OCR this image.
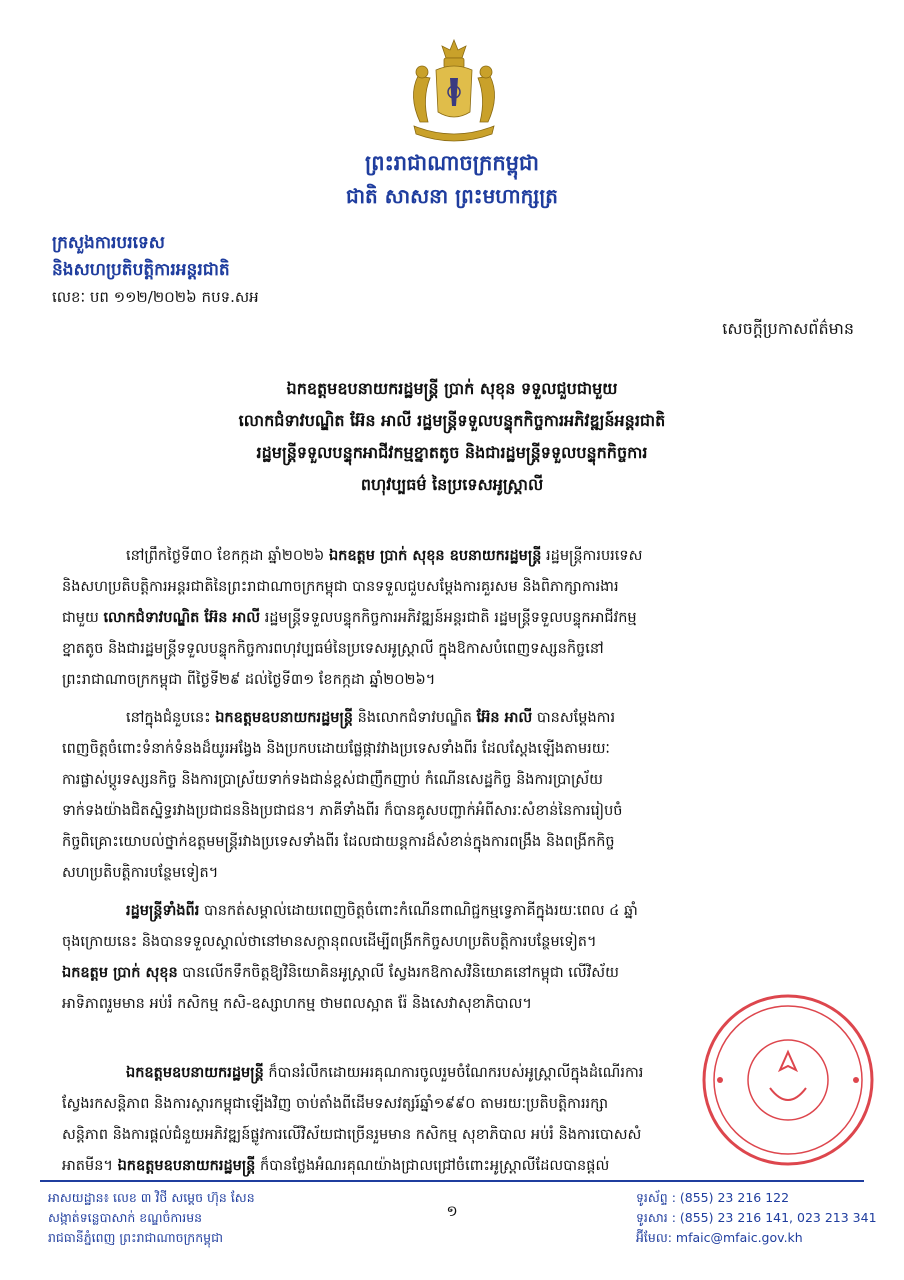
ព្រះរាជាណាចក្រកម្ពុជា
ជាតិ សាសនា ព្រះមហាក្សត្រ
ក្រសួងការបរទេស
និងសហប្រតិបត្តិការអន្តរជាតិ
លេខៈ បព ១១២/២០២៦ កបទ.សអ
សេចក្តីប្រកាសព័ត៌មាន
ឯកឧត្តមឧបនាយករដ្ឋមន្ត្រី ប្រាក់ សុខុន ទទួលជួបជាមួយ
លោកជំទាវបណ្ឌិត អ៊ែន អាលី រដ្ឋមន្ត្រីទទួលបន្ទុកកិច្ចការអភិវឌ្ឍន៍អន្តរជាតិ
រដ្ឋមន្ត្រីទទួលបន្ទុកអាជីវកម្មខ្នាតតូច និងជារដ្ឋមន្ត្រីទទួលបន្ទុកកិច្ចការ
ពហុវប្បធម៌ នៃប្រទេសអូស្ត្រាលី
នៅព្រឹកថ្ងៃទី៣០ ខែកក្កដា ឆ្នាំ២០២៦ ឯកឧត្តម ប្រាក់ សុខុន ឧបនាយករដ្ឋមន្ត្រី រដ្ឋមន្ត្រីការបរទេស
និងសហប្រតិបត្តិការអន្តរជាតិនៃព្រះរាជាណាចក្រកម្ពុជា បានទទួលជួបសម្តែងការគួរសម និងពិភាក្សាការងារ
ជាមួយ លោកជំទាវបណ្ឌិត អ៊ែន អាលី រដ្ឋមន្ត្រីទទួលបន្ទុកកិច្ចការអភិវឌ្ឍន៍អន្តរជាតិ រដ្ឋមន្ត្រីទទួលបន្ទុកអាជីវកម្ម
ខ្នាតតូច និងជារដ្ឋមន្ត្រីទទួលបន្ទុកកិច្ចការពហុវប្បធម៌នៃប្រទេសអូស្ត្រាលី ក្នុងឱកាសបំពេញទស្សនកិច្ចនៅ
ព្រះរាជាណាចក្រកម្ពុជា ពីថ្ងៃទី២៩ ដល់ថ្ងៃទី៣១ ខែកក្កដា ឆ្នាំ២០២៦។
នៅក្នុងជំនួបនេះ ឯកឧត្តមឧបនាយករដ្ឋមន្ត្រី និងលោកជំទាវបណ្ឌិត អ៊ែន អាលី បានសម្តែងការ
ពេញចិត្តចំពោះទំនាក់ទំនងដ៏យូរអង្វែង និងប្រកបដោយផ្លែផ្កាវវាងប្រទេសទាំងពីរ ដែលស្តែងឡើងតាមរយៈ
ការផ្លាស់ប្តូរទស្សនកិច្ច និងការប្រាស្រ័យទាក់ទងជាន់ខ្ពស់ជាញឹកញាប់ កំណើនសេដ្ឋកិច្ច និងការប្រាស្រ័យ
ទាក់ទងយ៉ាងជិតស្និទ្ធរវាងប្រជាជននិងប្រជាជន។ ភាគីទាំងពីរ ក៏បានគូសបញ្ជាក់អំពីសារៈសំខាន់នៃការរៀបចំ
កិច្ចពិគ្រោះយោបល់ថ្នាក់ឧត្តមមន្ត្រីរវាងប្រទេសទាំងពីរ ដែលជាយន្តការដ៏សំខាន់ក្នុងការពង្រឹង និងពង្រីកកិច្ច
សហប្រតិបត្តិការបន្ថែមទៀត។
រដ្ឋមន្ត្រីទាំងពីរ បានកត់សម្គាល់ដោយពេញចិត្តចំពោះកំណើនពាណិជ្ជកម្មទ្វេភាគីក្នុងរយៈពេល ៤ ឆ្នាំ
ចុងក្រោយនេះ និងបានទទួលស្គាល់ថានៅមានសក្តានុពលដើម្បីពង្រីកកិច្ចសហប្រតិបត្តិការបន្ថែមទៀត។
ឯកឧត្តម ប្រាក់ សុខុន បានលើកទឹកចិត្តឱ្យវិនិយោគិនអូស្ត្រាលី ស្វែងរកឱកាសវិនិយោគនៅកម្ពុជា លើវិស័យ
អាទិភាពរួមមាន អប់រំ កសិកម្ម កសិ-ឧស្សាហកម្ម ថាមពលស្អាត រ៉ែ និងសេវាសុខាភិបាល។
ឯកឧត្តមឧបនាយករដ្ឋមន្ត្រី ក៏បានរំលឹកដោយអរគុណការចូលរួមចំណែករបស់អូស្ត្រាលីក្នុងដំណើរការ
ស្វែងរកសន្តិភាព និងការស្តារកម្ពុជាឡើងវិញ ចាប់តាំងពីដើមទសវត្សរ៍ឆ្នាំ១៩៩០ តាមរយៈប្រតិបត្តិការរក្សា
សន្តិភាព និងការផ្តល់ជំនួយអភិវឌ្ឍន៍ផ្លូវការលើវិស័យជាច្រើនរួមមាន កសិកម្ម សុខាភិបាល អប់រំ និងការបោសសំ
អាតមីន។ ឯកឧត្តមឧបនាយករដ្ឋមន្ត្រី ក៏បានថ្លែងអំណរគុណយ៉ាងជ្រាលជ្រៅចំពោះអូស្ត្រាលីដែលបានផ្តល់
អាសយដ្ឋាន៖ លេខ ៣ វិថី សម្តេច ហ៊ុន សែន
សង្កាត់ទន្លេបាសាក់ ខណ្ឌចំការមន
រាជធានីភ្នំពេញ ព្រះរាជាណាចក្រកម្ពុជា
១
ទូរស័ព្ទ : (855) 23 216 122
ទូរសារ : (855) 23 216 141, 023 213 341
អ៊ីមែល: mfaic@mfaic.gov.kh
